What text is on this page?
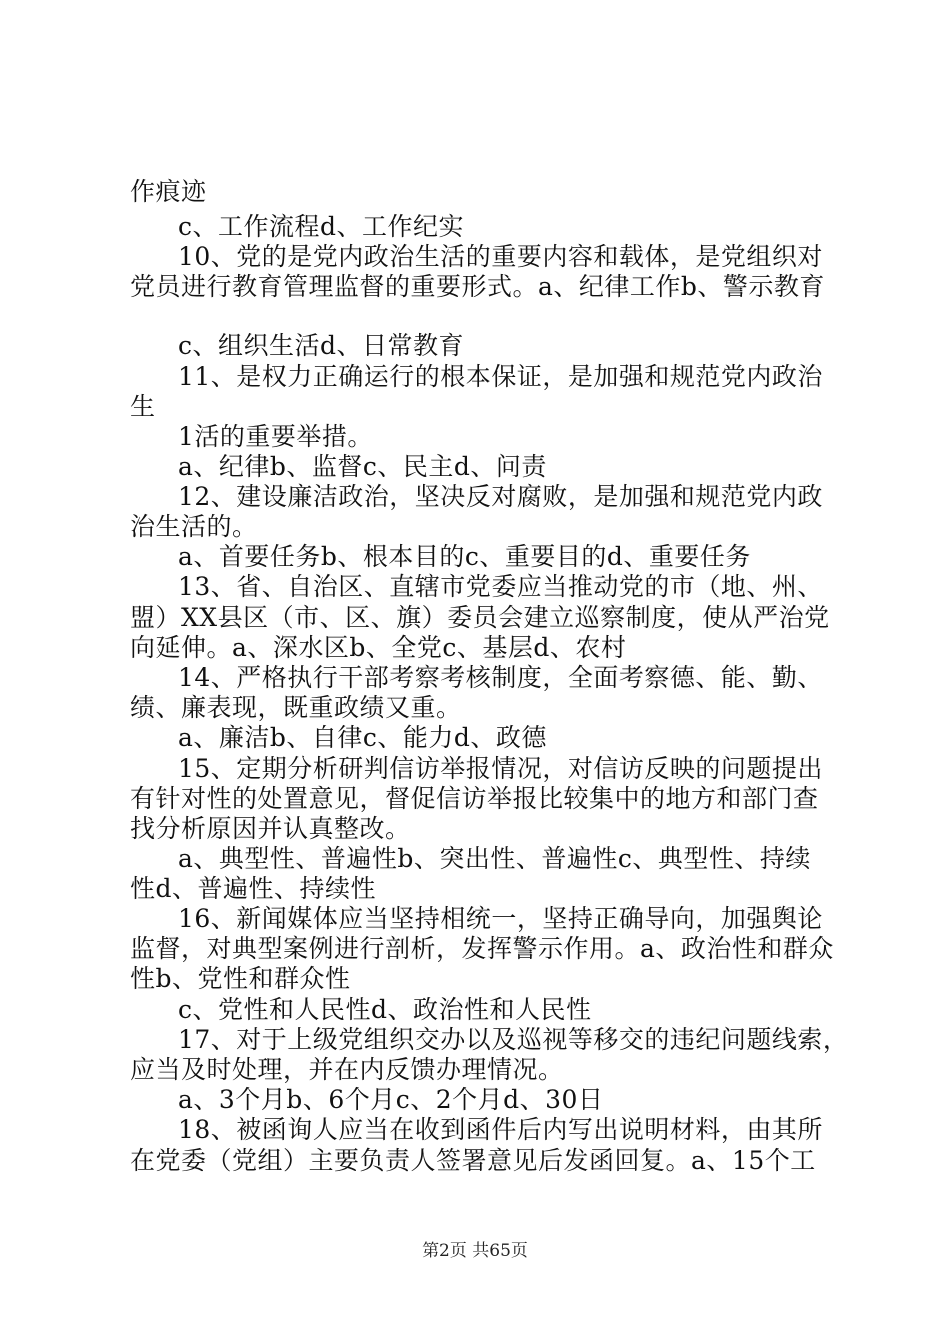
作痕迹
c、工作流程d、工作纪实
10、党的是党内政治生活的重要内容和载体，是党组织对
党员进行教育管理监督的重要形式。a、纪律工作b、警示教育
c、组织生活d、日常教育
11、是权力正确运行的根本保证，是加强和规范党内政治
生
1活的重要举措。
a、纪律b、监督c、民主d、问责
12、建设廉洁政治，坚决反对腐败，是加强和规范党内政
治生活的。
a、首要任务b、根本目的c、重要目的d、重要任务
13、省、自治区、直辖市党委应当推动党的市（地、州、
盟）XX县区（市、区、旗）委员会建立巡察制度，使从严治党
向延伸。a、深水区b、全党c、基层d、农村
14、严格执行干部考察考核制度，全面考察德、能、勤、
绩、廉表现，既重政绩又重。
a、廉洁b、自律c、能力d、政德
15、定期分析研判信访举报情况，对信访反映的问题提出
有针对性的处置意见，督促信访举报比较集中的地方和部门查
找分析原因并认真整改。
a、典型性、普遍性b、突出性、普遍性c、典型性、持续
性d、普遍性、持续性
16、新闻媒体应当坚持相统一，坚持正确导向，加强舆论
监督，对典型案例进行剖析，发挥警示作用。a、政治性和群众
性b、党性和群众性
c、党性和人民性d、政治性和人民性
17、对于上级党组织交办以及巡视等移交的违纪问题线索，
应当及时处理，并在内反馈办理情况。
a、3个月b、6个月c、2个月d、30日
18、被函询人应当在收到函件后内写出说明材料，由其所
在党委（党组）主要负责人签署意见后发函回复。a、15个工
第2页 共65页
